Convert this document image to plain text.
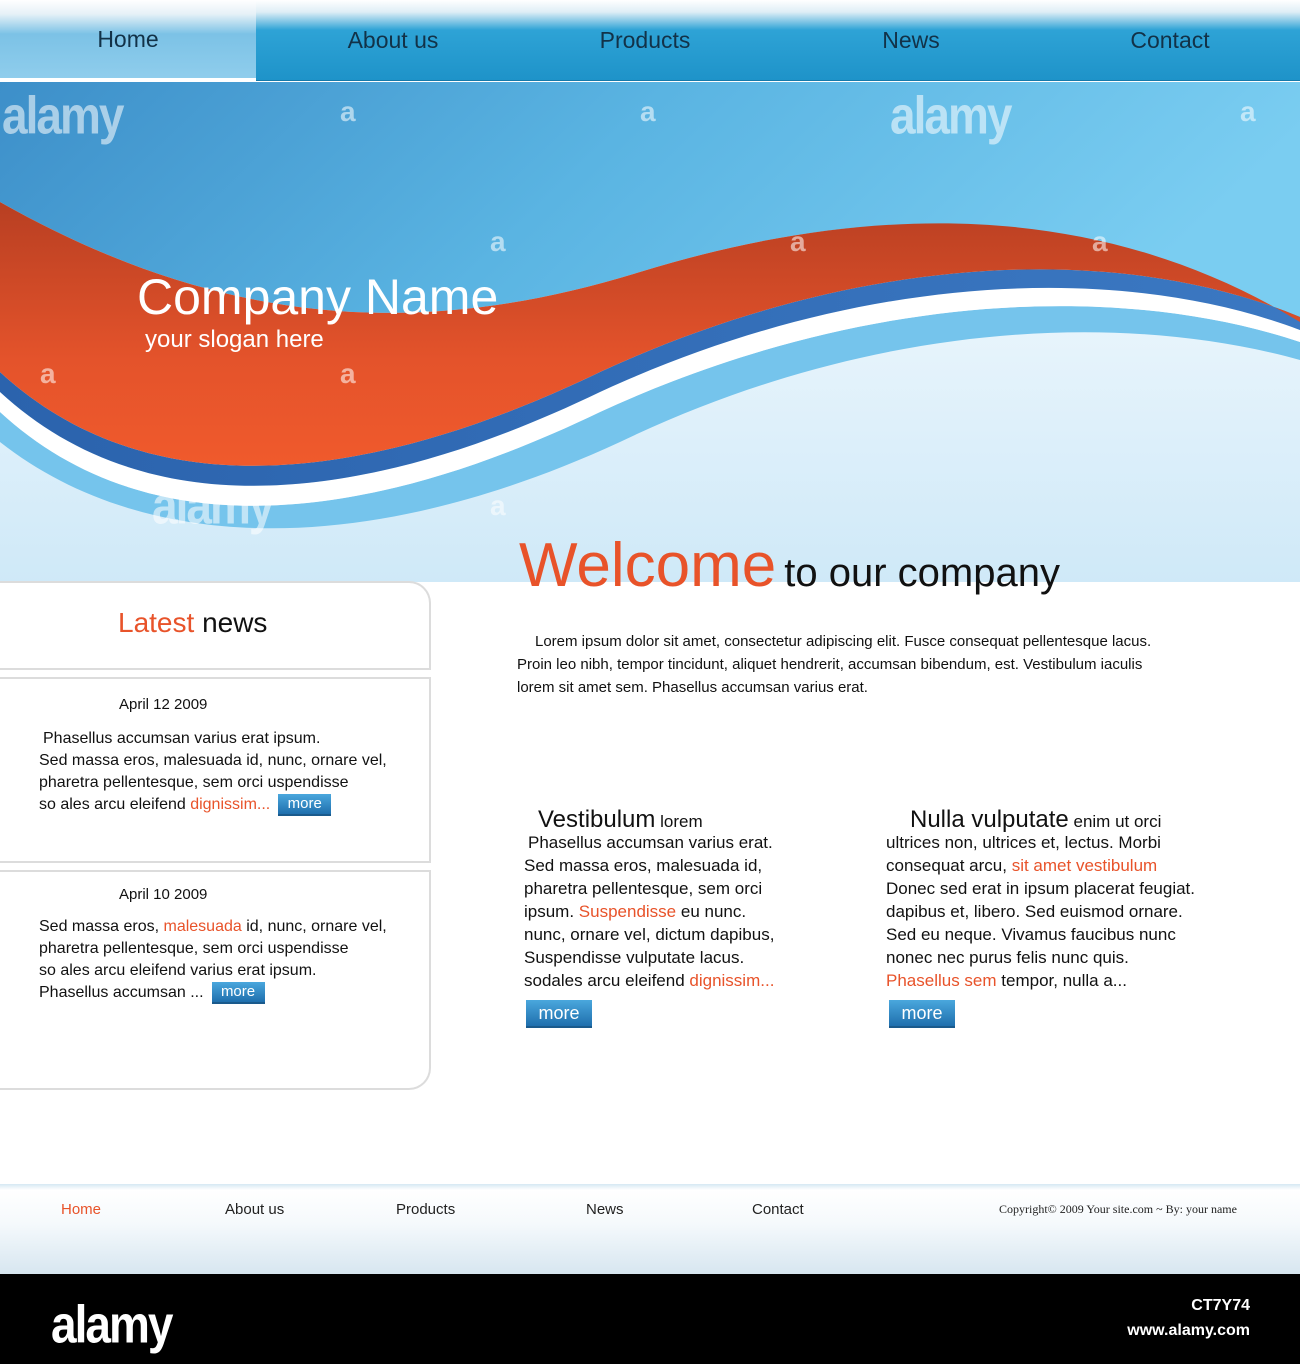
Home	About us	Products	News	Contact
Company Name
your slogan here
alamy	alamy
a	a	a
a	a	a
a	a
alamy	a
Latest news
April 12 2009
Phasellus accumsan varius erat ipsum.
Sed massa eros, malesuada id, nunc, ornare vel,
pharetra pellentesque, sem orci uspendisse
so ales arcu eleifend dignissim... more
April 10 2009
Sed massa eros, malesuada id, nunc, ornare vel,
pharetra pellentesque, sem orci uspendisse
so ales arcu eleifend varius erat ipsum.
Phasellus accumsan ... more
Welcome to our company
Lorem ipsum dolor sit amet, consectetur adipiscing elit. Fusce consequat pellentesque lacus.
Proin leo nibh, tempor tincidunt, aliquet hendrerit, accumsan bibendum, est. Vestibulum iaculis
lorem sit amet sem. Phasellus accumsan varius erat.
Vestibulum lorem
Phasellus accumsan varius erat.
Sed massa eros, malesuada id,
pharetra pellentesque, sem orci
ipsum. Suspendisse eu nunc.
nunc, ornare vel, dictum dapibus,
Suspendisse vulputate lacus.
sodales arcu eleifend dignissim...
more
Nulla vulputate enim ut orci
ultrices non, ultrices et, lectus. Morbi
consequat arcu, sit amet vestibulum
Donec sed erat in ipsum placerat feugiat.
dapibus et, libero. Sed euismod ornare.
Sed eu neque. Vivamus faucibus nunc
nonec nec purus felis nunc quis.
Phasellus sem tempor, nulla a...
more
Home	About us	Products	News	Contact	Copyright© 2009 Your site.com ~ By: your name
alamy	CT7Y74
www.alamy.com
